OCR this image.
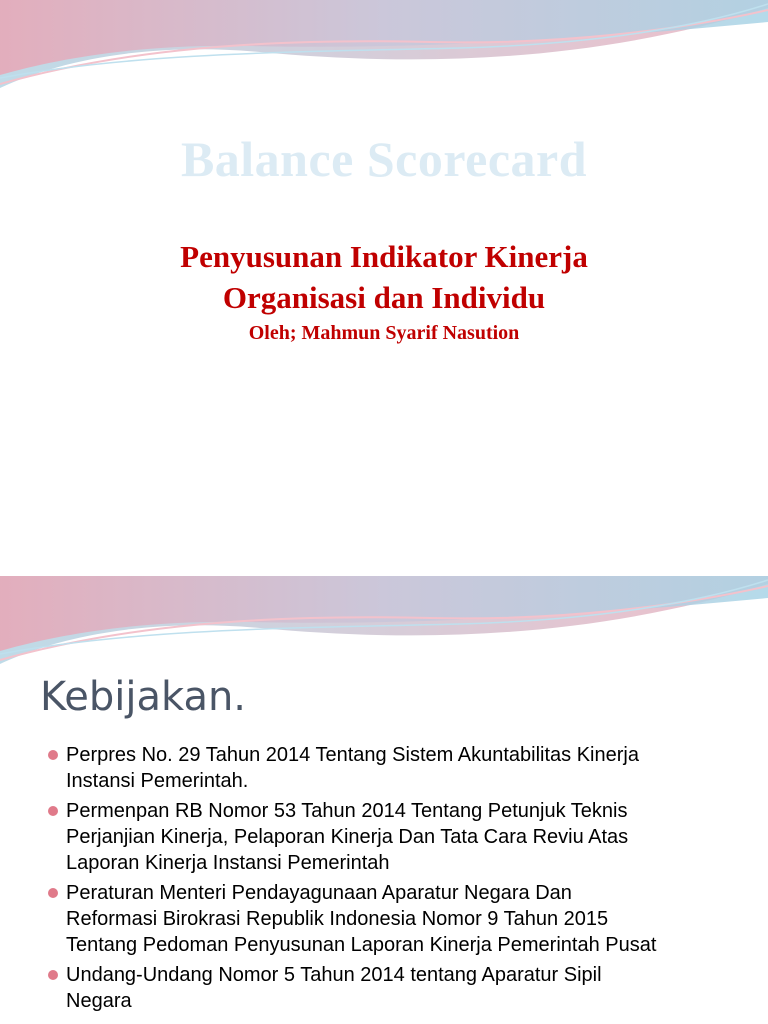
Balance Scorecard
Penyusunan Indikator Kinerja
Organisasi dan Individu
Oleh; Mahmun Syarif Nasution
Kebijakan.
Perpres No. 29 Tahun 2014 Tentang Sistem Akuntabilitas Kinerja
Instansi Pemerintah.
Permenpan RB Nomor 53 Tahun 2014 Tentang Petunjuk Teknis
Perjanjian Kinerja, Pelaporan Kinerja Dan Tata Cara Reviu Atas
Laporan Kinerja Instansi Pemerintah
Peraturan Menteri Pendayagunaan Aparatur Negara Dan
Reformasi Birokrasi Republik Indonesia Nomor 9 Tahun 2015
Tentang Pedoman Penyusunan Laporan Kinerja Pemerintah Pusat
Undang-Undang Nomor 5 Tahun 2014 tentang Aparatur Sipil
Negara
